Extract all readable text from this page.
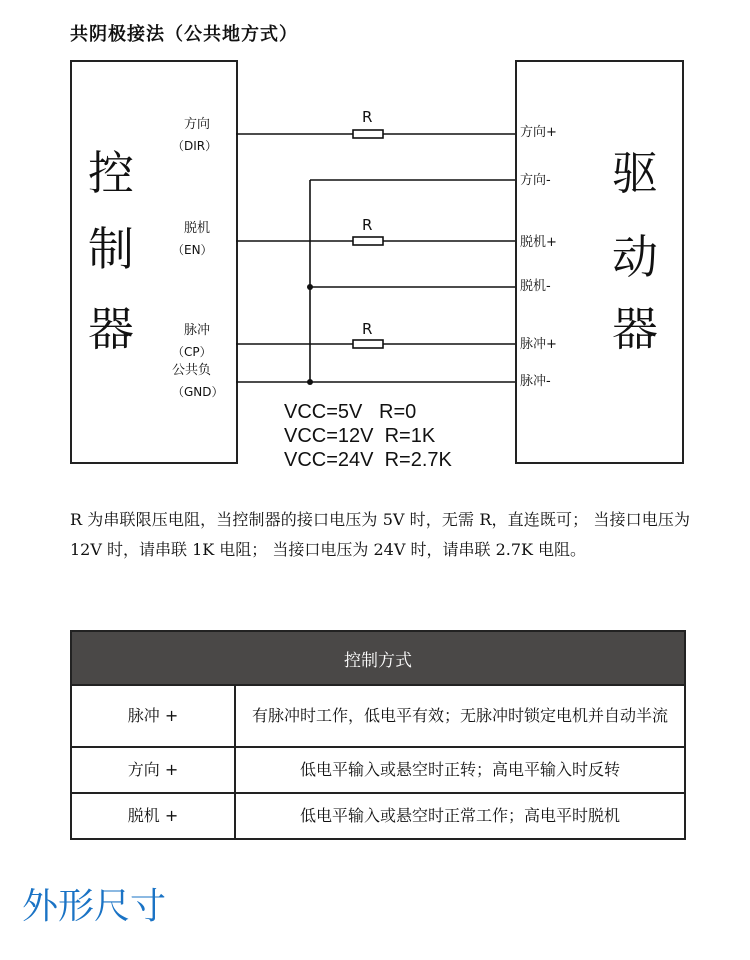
共阴极接法（公共地方式）
控
制
器
方向
（DIR）
脱机
（EN）
脉冲
（CP）
公共负
（GND）
驱
动
器
方向+
方向-
脱机+
脱机-
脉冲+
脉冲-
R
R
R
VCC=5V   R=0
VCC=12V  R=1K
VCC=24V  R=2.7K
R 为串联限压电阻，当控制器的接口电压为 5V 时，无需 R，直连既可； 当接口电压为 12V 时，请串联 1K 电阻； 当接口电压为 24V 时，请串联 2.7K 电阻。
控制方式	
脉冲 +	有脉冲时工作，低电平有效；无脉冲时锁定电机并自动半流
方向 +	低电平输入或悬空时正转；高电平输入时反转
脱机 +	低电平输入或悬空时正常工作；高电平时脱机
外形尺寸
